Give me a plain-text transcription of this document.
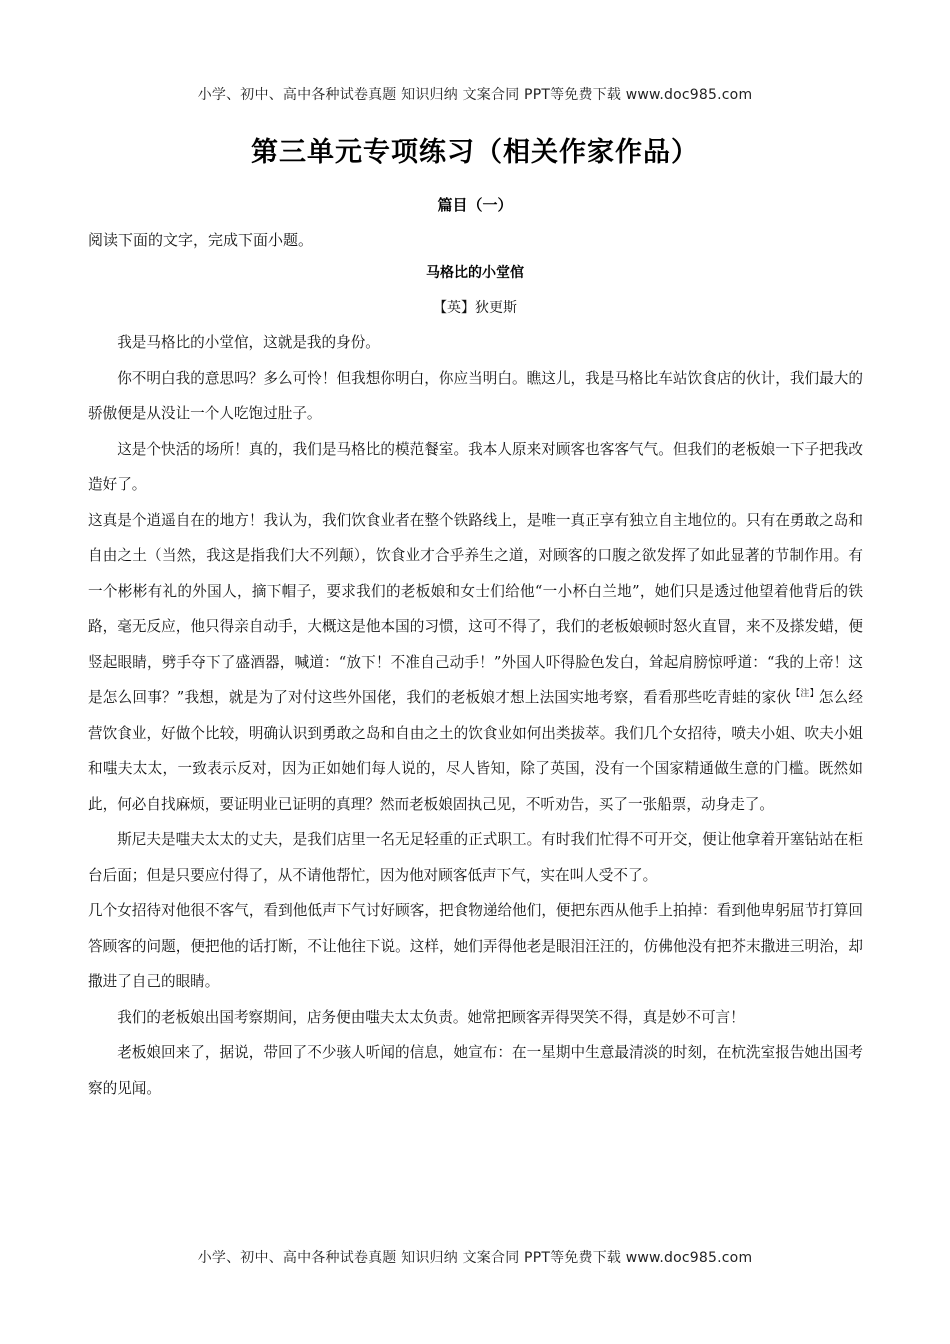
小学、初中、高中各种试卷真题 知识归纳 文案合同 PPT等免费下载 www.doc985.com
第三单元专项练习（相关作家作品）
篇目（一）
阅读下面的文字，完成下面小题。
马格比的小堂倌
【英】狄更斯

我是马格比的小堂倌，这就是我的身份。

你不明白我的意思吗？多么可怜！但我想你明白，你应当明白。瞧这儿，我是马格比车站饮食店的伙计，我们最大的骄傲便是从没让一个人吃饱过肚子。

这是个快活的场所！真的，我们是马格比的模范餐室。我本人原来对顾客也客客气气。但我们的老板娘一下子把我改造好了。

这真是个逍遥自在的地方！我认为，我们饮食业者在整个铁路线上，是唯一真正享有独立自主地位的。只有在勇敢之岛和自由之土（当然，我这是指我们大不列颠），饮食业才合乎养生之道，对顾客的口腹之欲发挥了如此显著的节制作用。有一个彬彬有礼的外国人，摘下帽子，要求我们的老板娘和女士们给他“一小杯白兰地”，她们只是透过他望着他背后的铁路，毫无反应，他只得亲自动手，大概这是他本国的习惯，这可不得了，我们的老板娘顿时怒火直冒，来不及搽发蜡，便竖起眼睛，劈手夺下了盛酒器，喊道：“放下！不准自己动手！”外国人吓得脸色发白，耸起肩膀惊呼道：“我的上帝！这是怎么回事？”我想，就是为了对付这些外国佬，我们的老板娘才想上法国实地考察，看看那些吃青蛙的家伙$^{【注】}$怎么经营饮食业，好做个比较，明确认识到勇敢之岛和自由之土的饮食业如何出类拔萃。我们几个女招待，喷夫小姐、吹夫小姐和嗤夫太太，一致表示反对，因为正如她们每人说的，尽人皆知，除了英国，没有一个国家精通做生意的门槛。既然如此，何必自找麻烦，要证明业已证明的真理？然而老板娘固执己见，不听劝告，买了一张船票，动身走了。

斯尼夫是嗤夫太太的丈夫，是我们店里一名无足轻重的正式职工。有时我们忙得不可开交，便让他拿着开塞钻站在柜台后面；但是只要应付得了，从不请他帮忙，因为他对顾客低声下气，实在叫人受不了。

几个女招待对他很不客气，看到他低声下气讨好顾客，把食物递给他们，便把东西从他手上拍掉：看到他卑躬屈节打算回答顾客的问题，便把他的话打断，不让他往下说。这样，她们弄得他老是眼泪汪汪的，仿佛他没有把芥末撒进三明治，却撒进了自己的眼睛。

我们的老板娘出国考察期间，店务便由嗤夫太太负责。她常把顾客弄得哭笑不得，真是妙不可言！

老板娘回来了，据说，带回了不少骇人听闻的信息，她宣布：在一星期中生意最清淡的时刻，在杭洗室报告她出国考察的见闻。

小学、初中、高中各种试卷真题 知识归纳 文案合同 PPT等免费下载 www.doc985.com
